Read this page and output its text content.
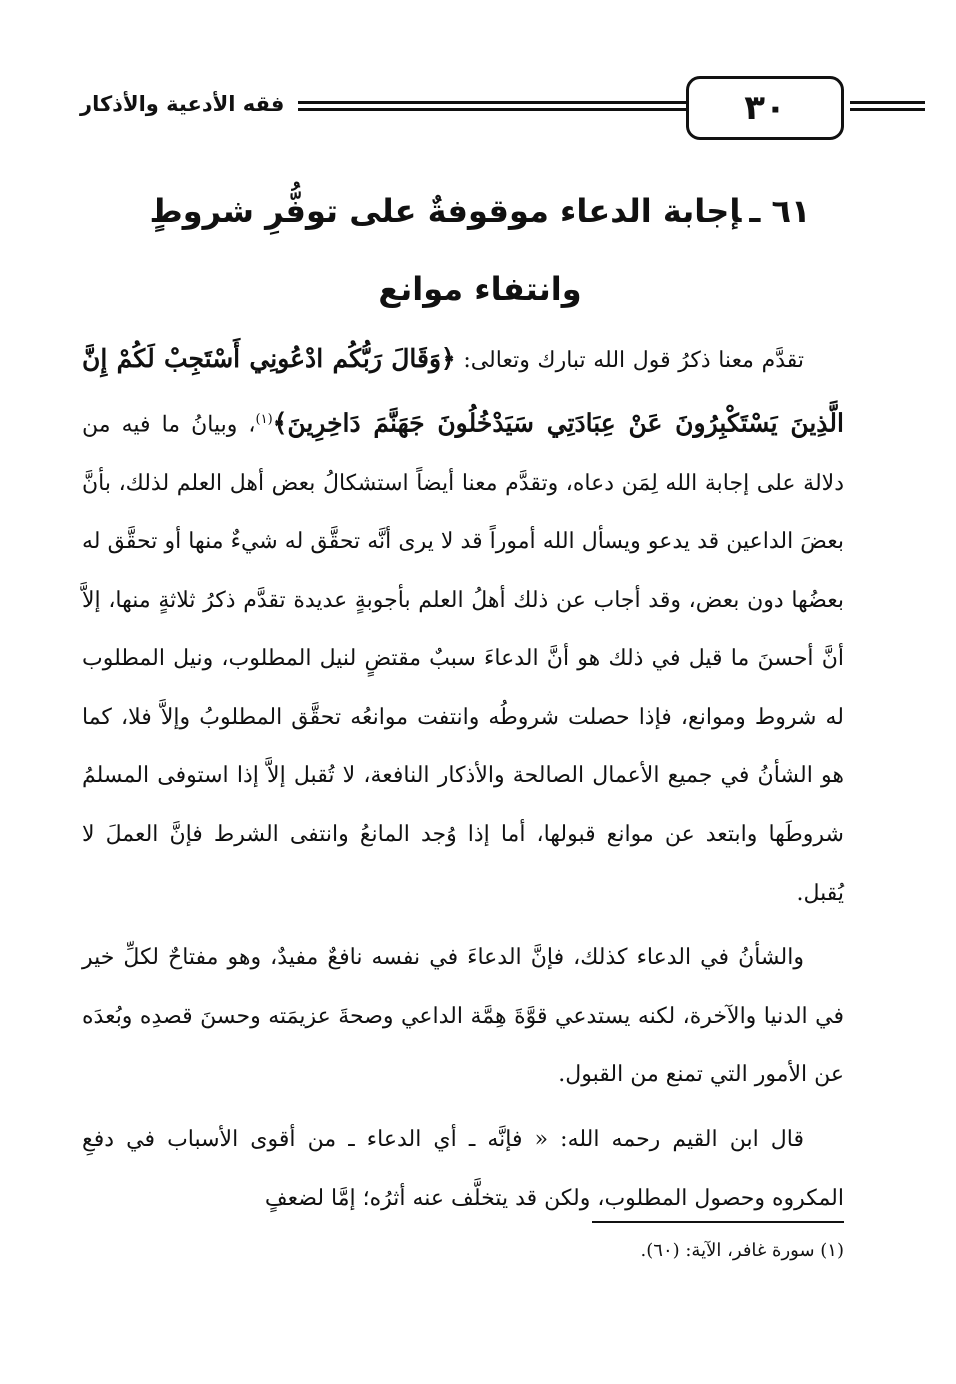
٣٠
فقه الأدعية والأذكار
٦١ ـإجابة الدعاء موقوفةٌ على توفُّرِ شروطٍ وانتفاء موانع

تقدَّم معنا ذكرُ قول الله تبارك وتعالى: ﴿وَقَالَ رَبُّكُم ادْعُونِي أَسْتَجِبْ لَكُمْ إِنَّ الَّذِينَ يَسْتَكْبِرُونَ عَنْ عِبَادَتِي سَيَدْخُلُونَ جَهَنَّمَ دَاخِرِينَ﴾$^{(١)}$، وبيانُ ما فيه من دلالة على إجابة الله لِمَن دعاه، وتقدَّم معنا أيضاً استشكالُ بعض أهل العلم لذلك، بأنَّ بعضَ الداعين قد يدعو ويسأل الله أموراً قد لا يرى أنَّه تحقَّق له شيءٌ منها أو تحقَّق له بعضُها دون بعض، وقد أجاب عن ذلك أهلُ العلم بأجوبةٍ عديدة تقدَّم ذكرُ ثلاثةٍ منها، إلاَّ أنَّ أحسنَ ما قيل في ذلك هو أنَّ الدعاءَ سببٌ مقتضٍ لنيل المطلوب، ونيل المطلوب له شروط وموانع، فإذا حصلت شروطُه وانتفت موانعُه تحقَّق المطلوبُ وإلاَّ فلا، كما هو الشأنُ في جميع الأعمال الصالحة والأذكار النافعة، لا تُقبل إلاَّ إذا استوفى المسلمُ شروطَها وابتعد عن موانع قبولها، أما إذا وُجد المانعُ وانتفى الشرط فإنَّ العملَ لا يُقبل.

والشأنُ في الدعاء كذلك، فإنَّ الدعاءَ في نفسه نافعٌ مفيدٌ، وهو مفتاحٌ لكلِّ خير في الدنيا والآخرة، لكنه يستدعي قوَّةَ هِمَّة الداعي وصحةَ عزيمَته وحسنَ قصدِه وبُعدَه عن الأمور التي تمنع من القبول.

قال ابن القيم رحمه الله: « فإنَّه ـ أي الدعاء ـ من أقوى الأسباب في دفعِ المكروه وحصول المطلوب، ولكن قد يتخلَّف عنه أثرُه؛ إمَّا لضعفٍ

(١) سورة غافر، الآية: (٦٠).
